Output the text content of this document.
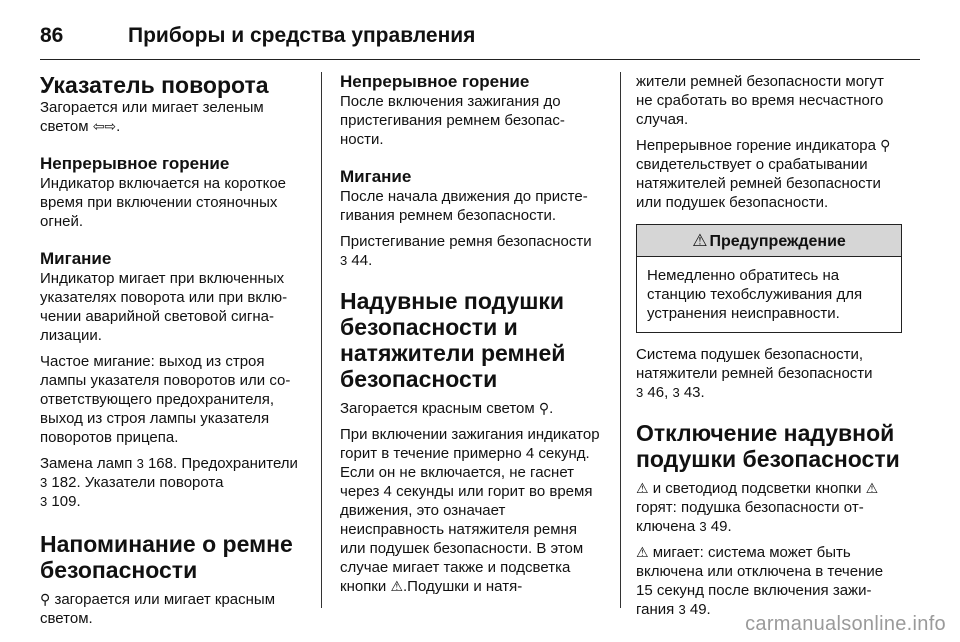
86	Приборы и средства управления
Указатель поворота

Загорается или мигает зеленым светом ⇦⇨.

Непрерывное горение

Индикатор включается на короткое время при включении стояночных огней.

Мигание

Индикатор мигает при включенных указателях поворота или при включении аварийной световой сигнализации.

Частое мигание: выход из строя лампы указателя поворотов или соответствующего предохранителя, выход из строя лампы указателя поворотов прицепа.

Замена ламп 3 168. Предохранители 3 182. Указатели поворота
3 109.

Напоминание о ремне безопасности

⚲ загорается или мигает красным светом.

Непрерывное горение

После включения зажигания до пристегивания ремнем безопасности.

Мигание

После начала движения до пристегивания ремнем безопасности.

Пристегивание ремня безопасности 3 44.

Надувные подушки безопасности и натяжители ремней безопасности

Загорается красным светом ⚲.

При включении зажигания индикатор горит в течение примерно 4 секунд. Если он не включается, не гаснет через 4 секунды или горит во время движения, это означает неисправность натяжителя ремня или подушек безопасности. В этом случае мигает также и подсветка кнопки ⚠.Подушки и натя-

жители ремней безопасности могут не сработать во время несчастного случая.

Непрерывное горение индикатора ⚲ свидетельствует о срабатывании натяжителей ремней безопасности или подушек безопасности.

⚠ Предупреждение
Немедленно обратитесь на станцию техобслуживания для устранения неисправности.

Система подушек безопасности, натяжители ремней безопасности
3 46, 3 43.

Отключение надувной подушки безопасности

⚠ и светодиод подсветки кнопки ⚠ горят: подушка безопасности отключена 3 49.

⚠ мигает: система может быть включена или отключена в течение 15 секунд после включения зажигания 3 49.

carmanualsonline.info
